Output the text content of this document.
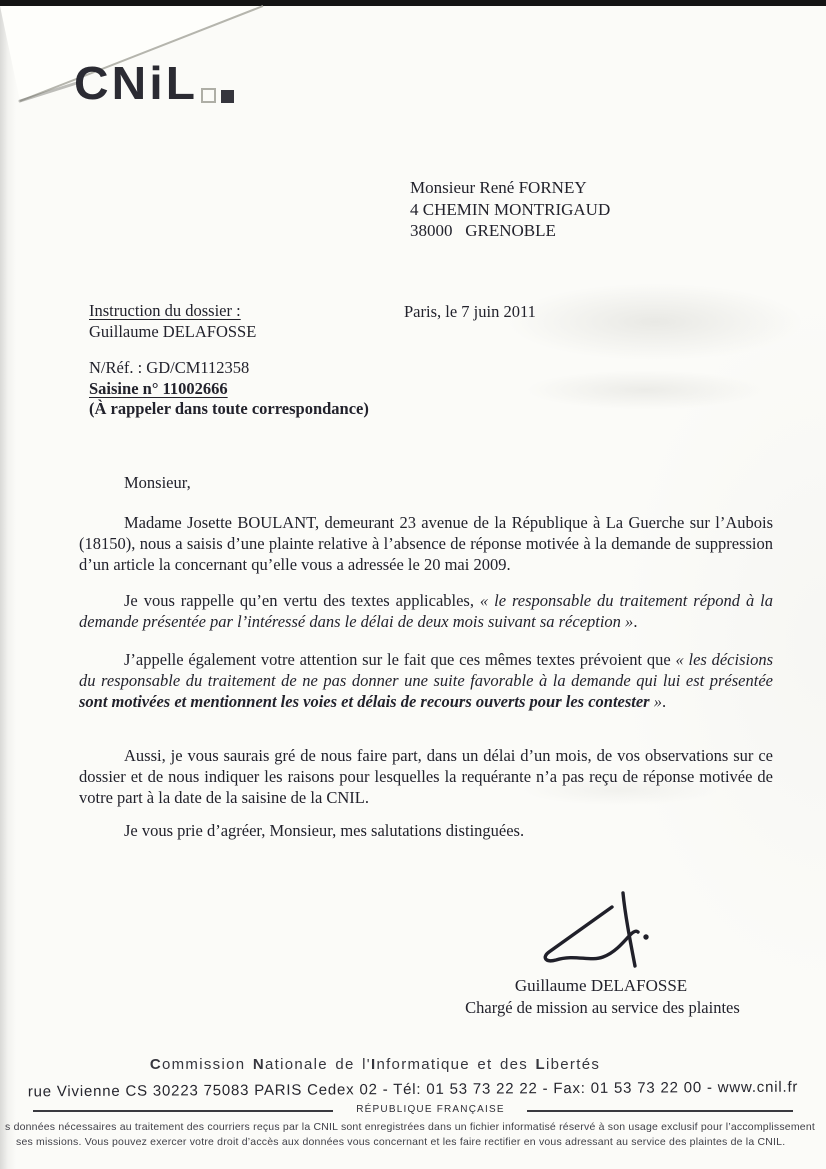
CNiL
Monsieur René FORNEY
4 CHEMIN MONTRIGAUD
38000   GRENOBLE
Instruction du dossier :
Guillaume DELAFOSSE
Paris, le 7 juin 2011
N/Réf. : GD/CM112358
Saisine n° 11002666
(À rappeler dans toute correspondance)

Monsieur,

Madame Josette BOULANT, demeurant 23 avenue de la République à La Guerche sur l’Aubois (18150), nous a saisis d’une plainte relative à l’absence de réponse motivée à la demande de suppression d’un article la concernant qu’elle vous a adressée le 20 mai 2009.

Je vous rappelle qu’en vertu des textes applicables, « le responsable du traitement répond à la demande présentée par l’intéressé dans le délai de deux mois suivant sa réception ».

J’appelle également votre attention sur le fait que ces mêmes textes prévoient que « les décisions du responsable du traitement de ne pas donner une suite favorable à la demande qui lui est présentée sont motivées et mentionnent les voies et délais de recours ouverts pour les contester ».

Aussi, je vous saurais gré de nous faire part, dans un délai d’un mois, de vos observations sur ce dossier et de nous indiquer les raisons pour lesquelles la requérante n’a pas reçu de réponse motivée de votre part à la date de la saisine de la CNIL.

Je vous prie d’agréer, Monsieur, mes salutations distinguées.

Guillaume DELAFOSSE
Chargé de mission au service des plaintes
Commission Nationale de l'Informatique et des Libertés
rue Vivienne CS 30223 75083 PARIS Cedex 02 - Tél: 01 53 73 22 22 - Fax: 01 53 73 22 00 - www.cnil.fr
RÉPUBLIQUE FRANÇAISE
s données nécessaires au traitement des courriers reçus par la CNIL sont enregistrées dans un fichier informatisé réservé à son usage exclusif pour l’accomplissement
ses missions. Vous pouvez exercer votre droit d’accès aux données vous concernant et les faire rectifier en vous adressant au service des plaintes de la CNIL.
